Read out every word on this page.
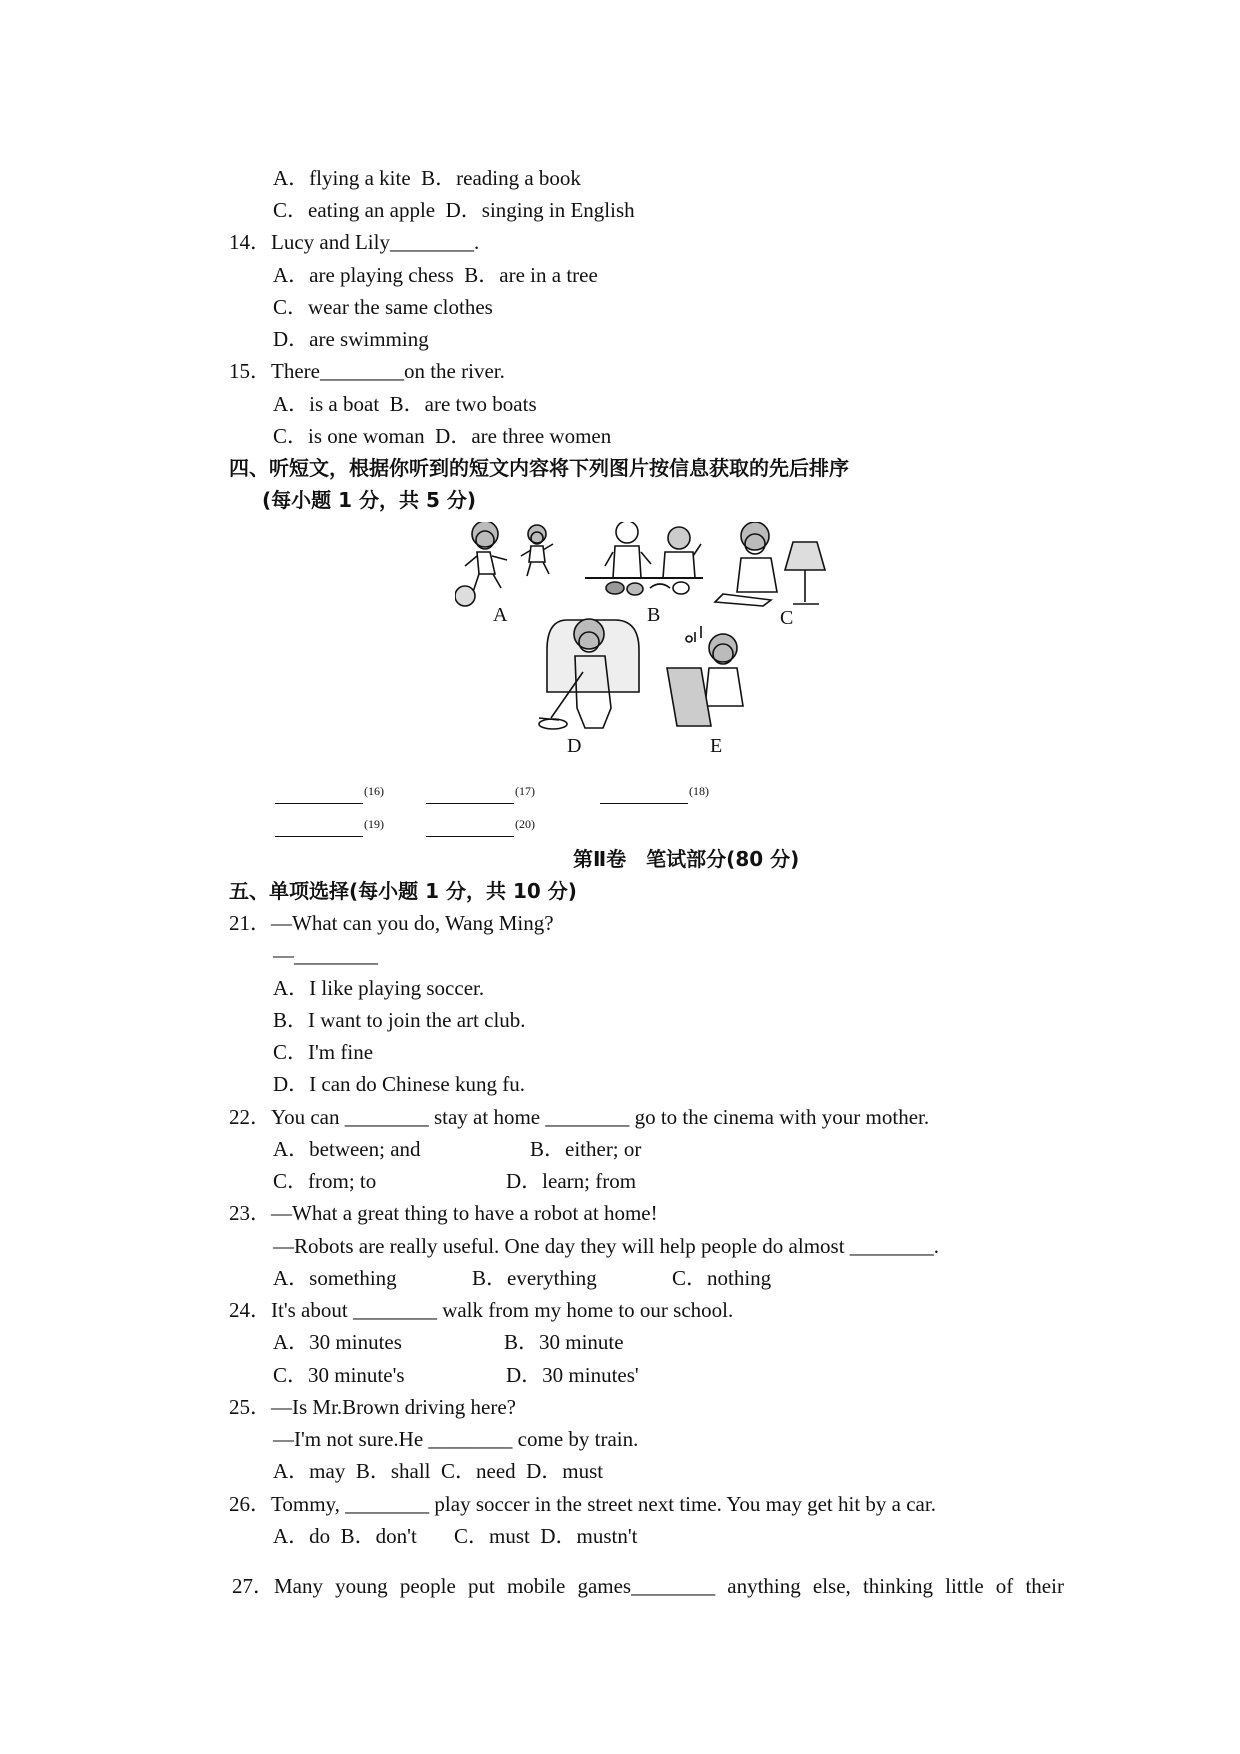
A．flying a kite  B．reading a book
C．eating an apple  D．singing in English
14．Lucy and Lily________.
A．are playing chess  B．are in a tree
C．wear the same clothes
D．are swimming
15．There________on the river.
A．is a boat  B．are two boats
C．is one woman  D．are three women
四、听短文，根据你听到的短文内容将下列图片按信息获取的先后排序
(每小题 1 分，共 5 分)
A	B	C
D	E
(16)	(17)	(18)
(19)	(20)
第Ⅱ卷　笔试部分(80 分)
五、单项选择(每小题 1 分，共 10 分)
21．—What can you do, Wang Ming?
—________
A．I like playing soccer.
B．I want to join the art club.
C．I'm fine
D．I can do Chinese kung fu.
22．You can ________ stay at home ________ go to the cinema with your mother.
A．between; and	B．either; or
C．from; to	D．learn; from
23．—What a great thing to have a robot at home!
—Robots are really useful. One day they will help people do almost ________.
A．something	B．everything	C．nothing
24．It's about ________ walk from my home to our school.
A．30 minutes	B．30 minute
C．30 minute's	D．30 minutes'
25．—Is Mr.Brown driving here?
—I'm not sure.He ________ come by train.
A．may  B．shall  C．need  D．must
26．Tommy, ________ play soccer in the street next time. You may get hit by a car.
A．do  B．don't C．must  D．mustn't
27．Many young people put mobile games________ anything else, thinking little of their
